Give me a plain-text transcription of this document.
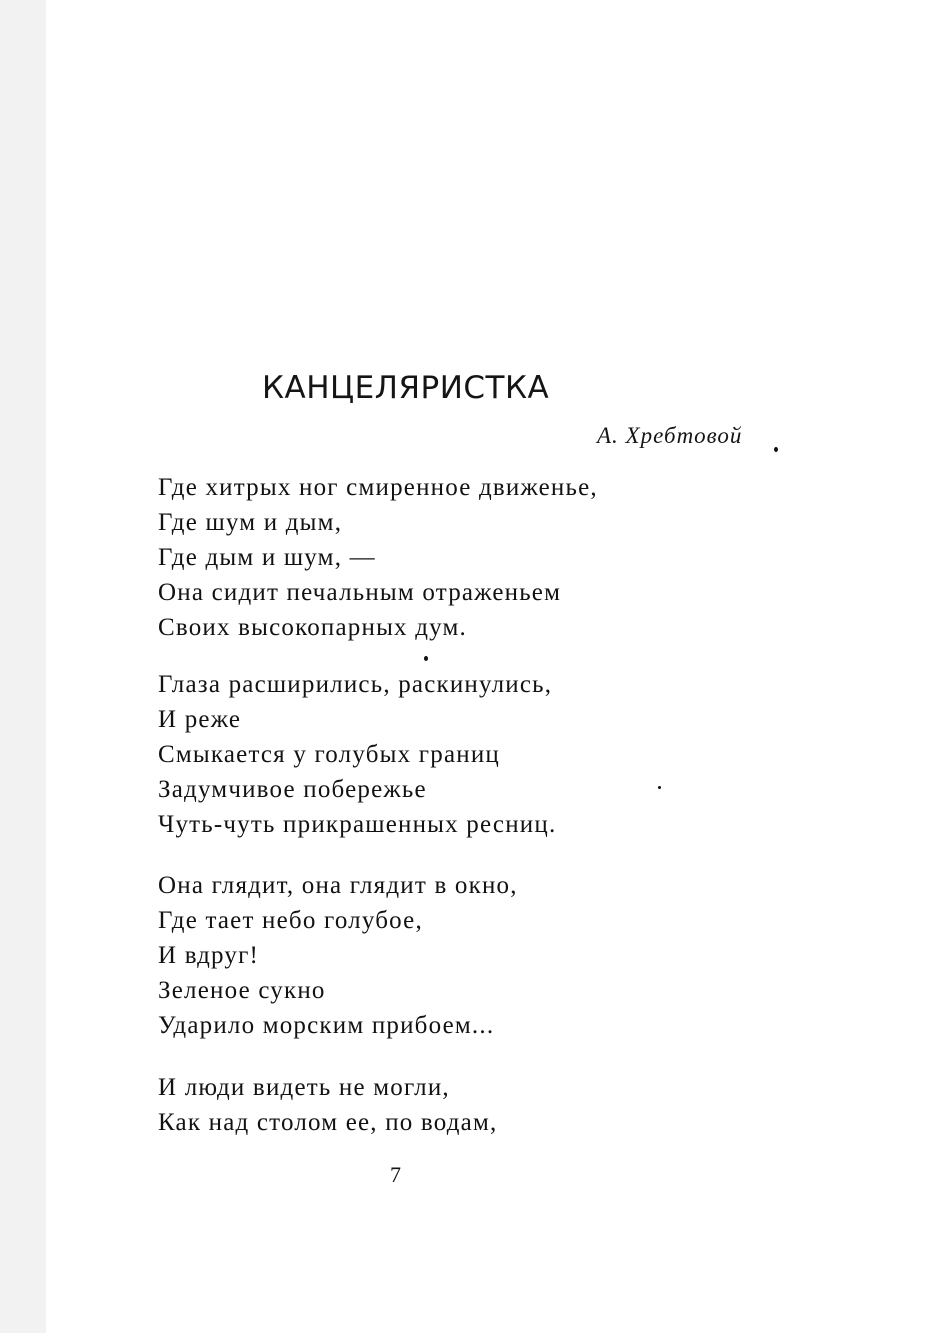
КАНЦЕЛЯРИСТКА
А. Хребтовой
Где хитрых ног смиренное движенье,
Где шум и дым,
Где дым и шум, —
Она сидит печальным отраженьем
Своих высокопарных дум.
Глаза расширились, раскинулись,
И реже
Смыкается у голубых границ
Задумчивое побережье
Чуть-чуть прикрашенных ресниц.
Она глядит, она глядит в окно,
Где тает небо голубое,
И вдруг!
Зеленое сукно
Ударило морским прибоем...
И люди видеть не могли,
Как над столом ее, по водам,
7
